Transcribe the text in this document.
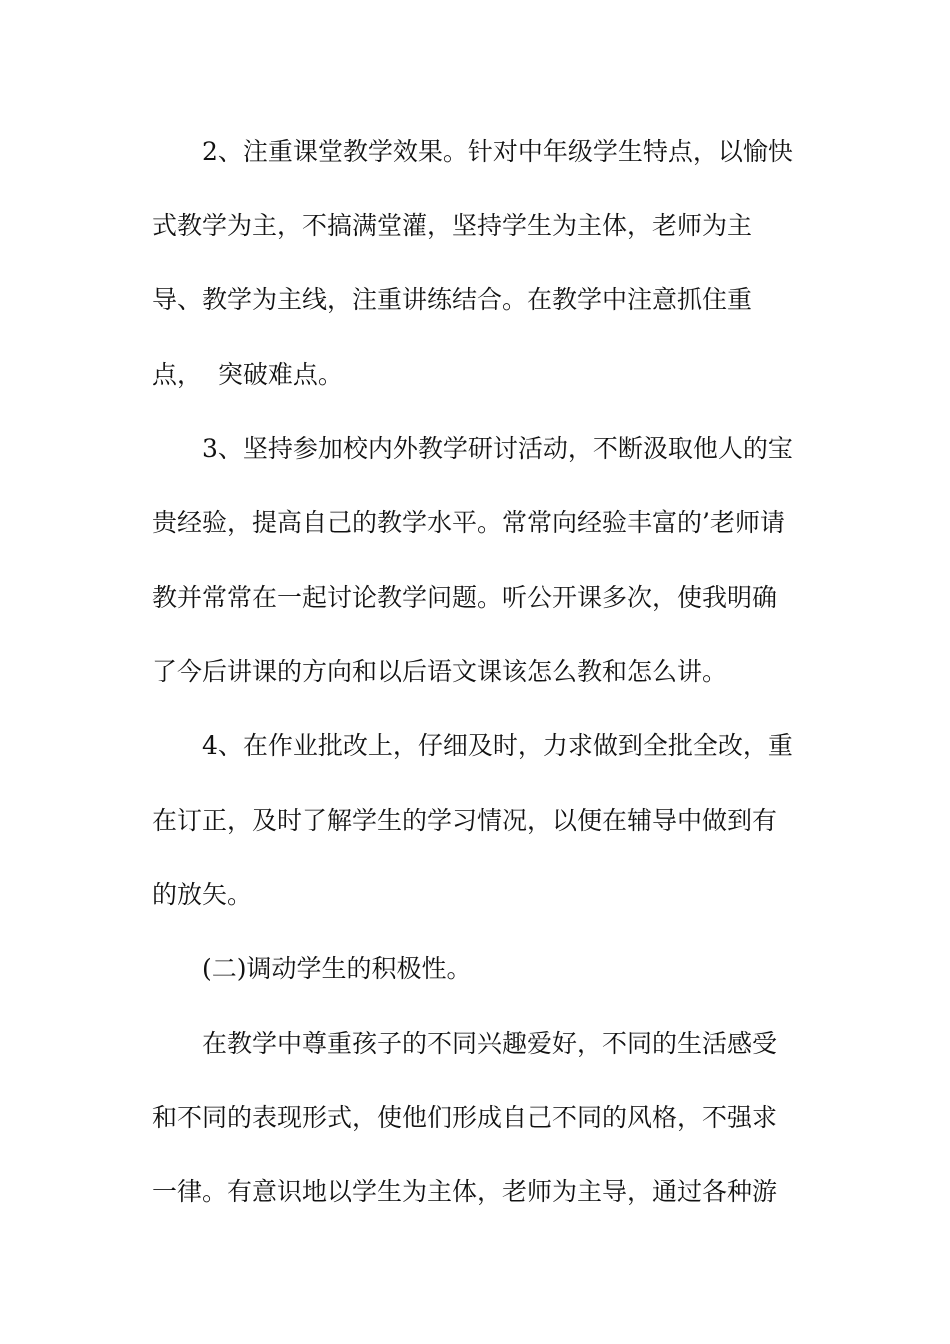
2、注重课堂教学效果。针对中年级学生特点，以愉快
式教学为主，不搞满堂灌，坚持学生为主体，老师为主
导、教学为主线，注重讲练结合。在教学中注意抓住重
点，  突破难点。
3、坚持参加校内外教学研讨活动，不断汲取他人的宝
贵经验，提高自己的教学水平。常常向经验丰富的’老师请
教并常常在一起讨论教学问题。听公开课多次，使我明确
了今后讲课的方向和以后语文课该怎么教和怎么讲。
4、在作业批改上，仔细及时，力求做到全批全改，重
在订正，及时了解学生的学习情况，以便在辅导中做到有
的放矢。
(二)调动学生的积极性。
在教学中尊重孩子的不同兴趣爱好，不同的生活感受
和不同的表现形式，使他们形成自己不同的风格，不强求
一律。有意识地以学生为主体，老师为主导，通过各种游
